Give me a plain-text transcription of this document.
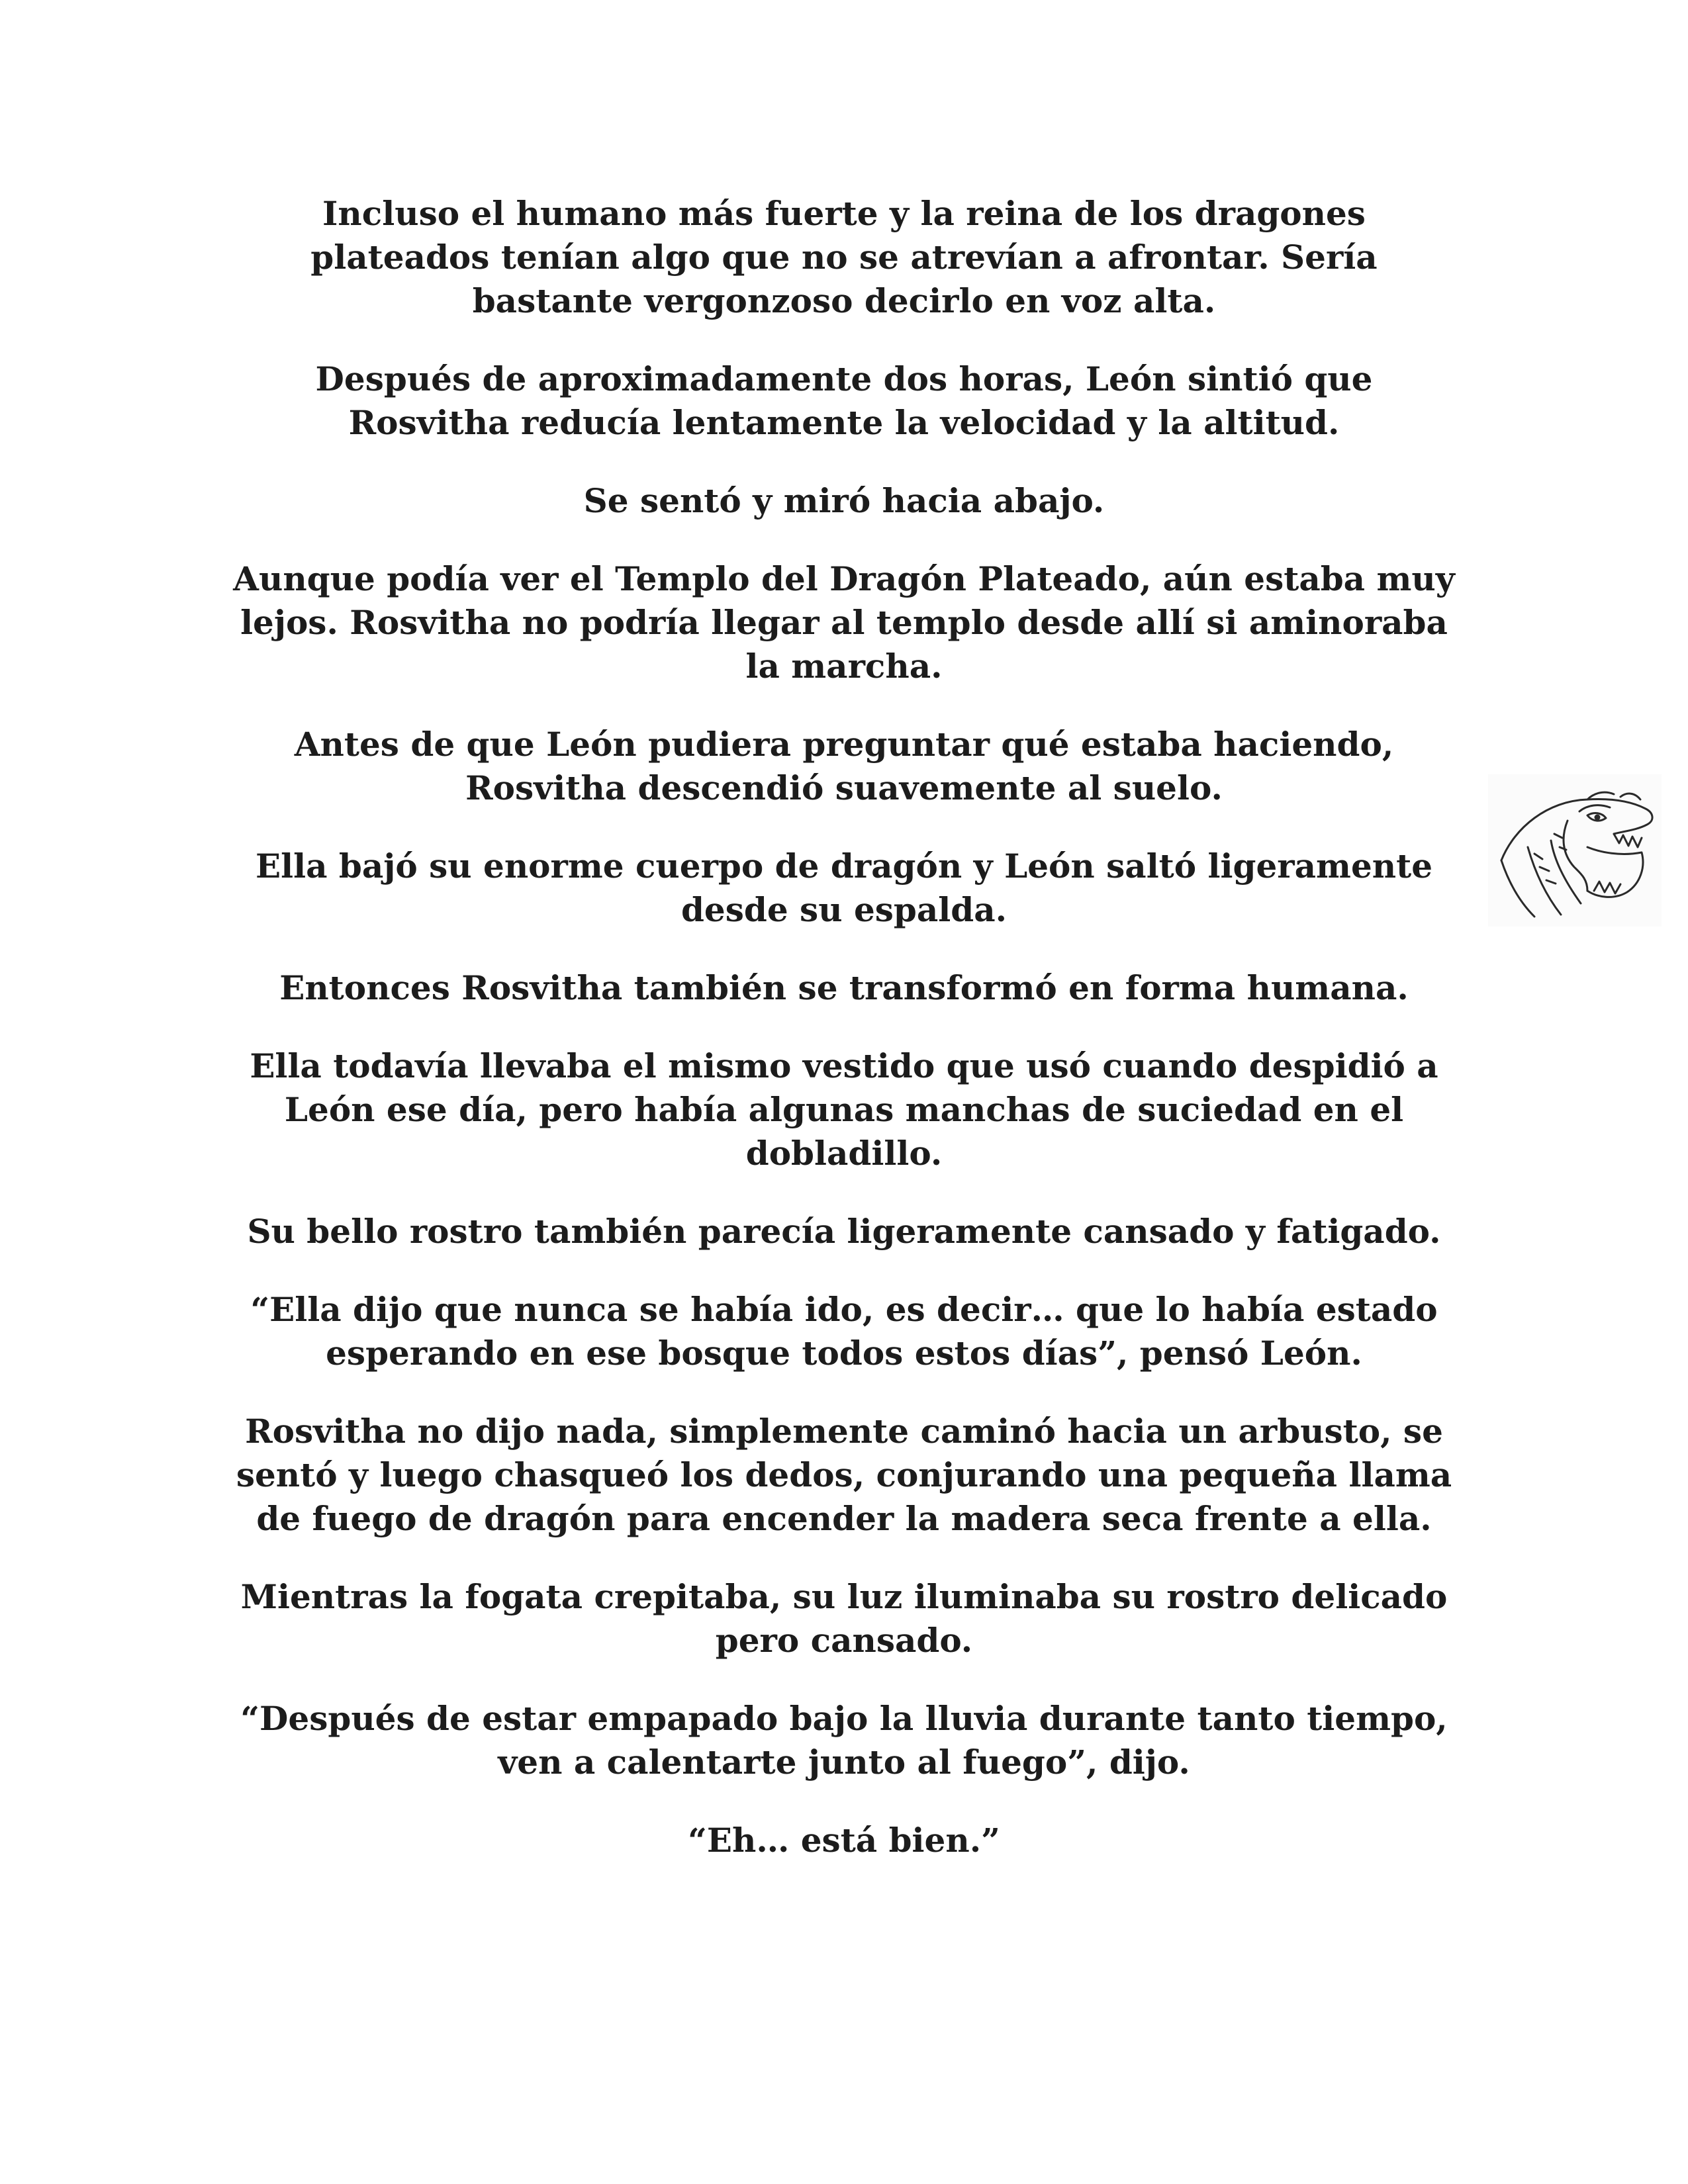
Incluso el humano más fuerte y la reina de los dragones plateados tenían algo que no se atrevían a afrontar. Sería bastante vergonzoso decirlo en voz alta.

Después de aproximadamente dos horas, León sintió que Rosvitha reducía lentamente la velocidad y la altitud.

Se sentó y miró hacia abajo.

Aunque podía ver el Templo del Dragón Plateado, aún estaba muy lejos. Rosvitha no podría llegar al templo desde allí si aminoraba la marcha.

Antes de que León pudiera preguntar qué estaba haciendo, Rosvitha descendió suavemente al suelo.

Ella bajó su enorme cuerpo de dragón y León saltó ligeramente desde su espalda.

Entonces Rosvitha también se transformó en forma humana.

Ella todavía llevaba el mismo vestido que usó cuando despidió a León ese día, pero había algunas manchas de suciedad en el dobladillo.

Su bello rostro también parecía ligeramente cansado y fatigado.

“Ella dijo que nunca se había ido, es decir… que lo había estado esperando en ese bosque todos estos días”, pensó León.

Rosvitha no dijo nada, simplemente caminó hacia un arbusto, se sentó y luego chasqueó los dedos, conjurando una pequeña llama de fuego de dragón para encender la madera seca frente a ella.

Mientras la fogata crepitaba, su luz iluminaba su rostro delicado pero cansado.

“Después de estar empapado bajo la lluvia durante tanto tiempo, ven a calentarte junto al fuego”, dijo.

“Eh… está bien.”
